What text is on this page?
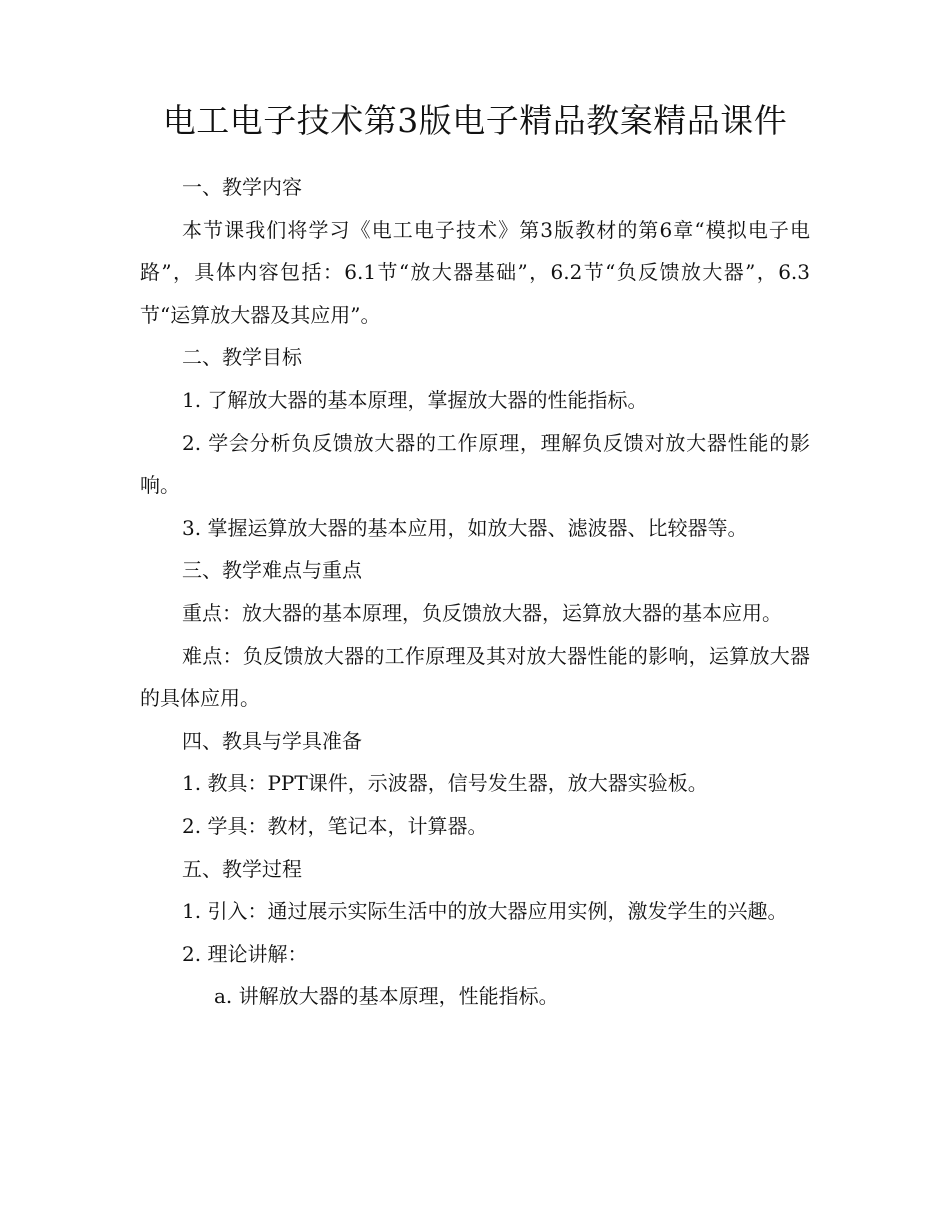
电工电子技术第3版电子精品教案精品课件

一、教学内容

本节课我们将学习《电工电子技术》第3版教材的第6章“模拟电子电路”，具体内容包括：6.1节“放大器基础”，6.2节“负反馈放大器”，6.3节“运算放大器及其应用”。

二、教学目标

1. 了解放大器的基本原理，掌握放大器的性能指标。

2. 学会分析负反馈放大器的工作原理，理解负反馈对放大器性能的影响。

3. 掌握运算放大器的基本应用，如放大器、滤波器、比较器等。

三、教学难点与重点

重点：放大器的基本原理，负反馈放大器，运算放大器的基本应用。

难点：负反馈放大器的工作原理及其对放大器性能的影响，运算放大器的具体应用。

四、教具与学具准备

1. 教具：PPT课件，示波器，信号发生器，放大器实验板。

2. 学具：教材，笔记本，计算器。

五、教学过程

1. 引入：通过展示实际生活中的放大器应用实例，激发学生的兴趣。

2. 理论讲解：

a. 讲解放大器的基本原理，性能指标。
